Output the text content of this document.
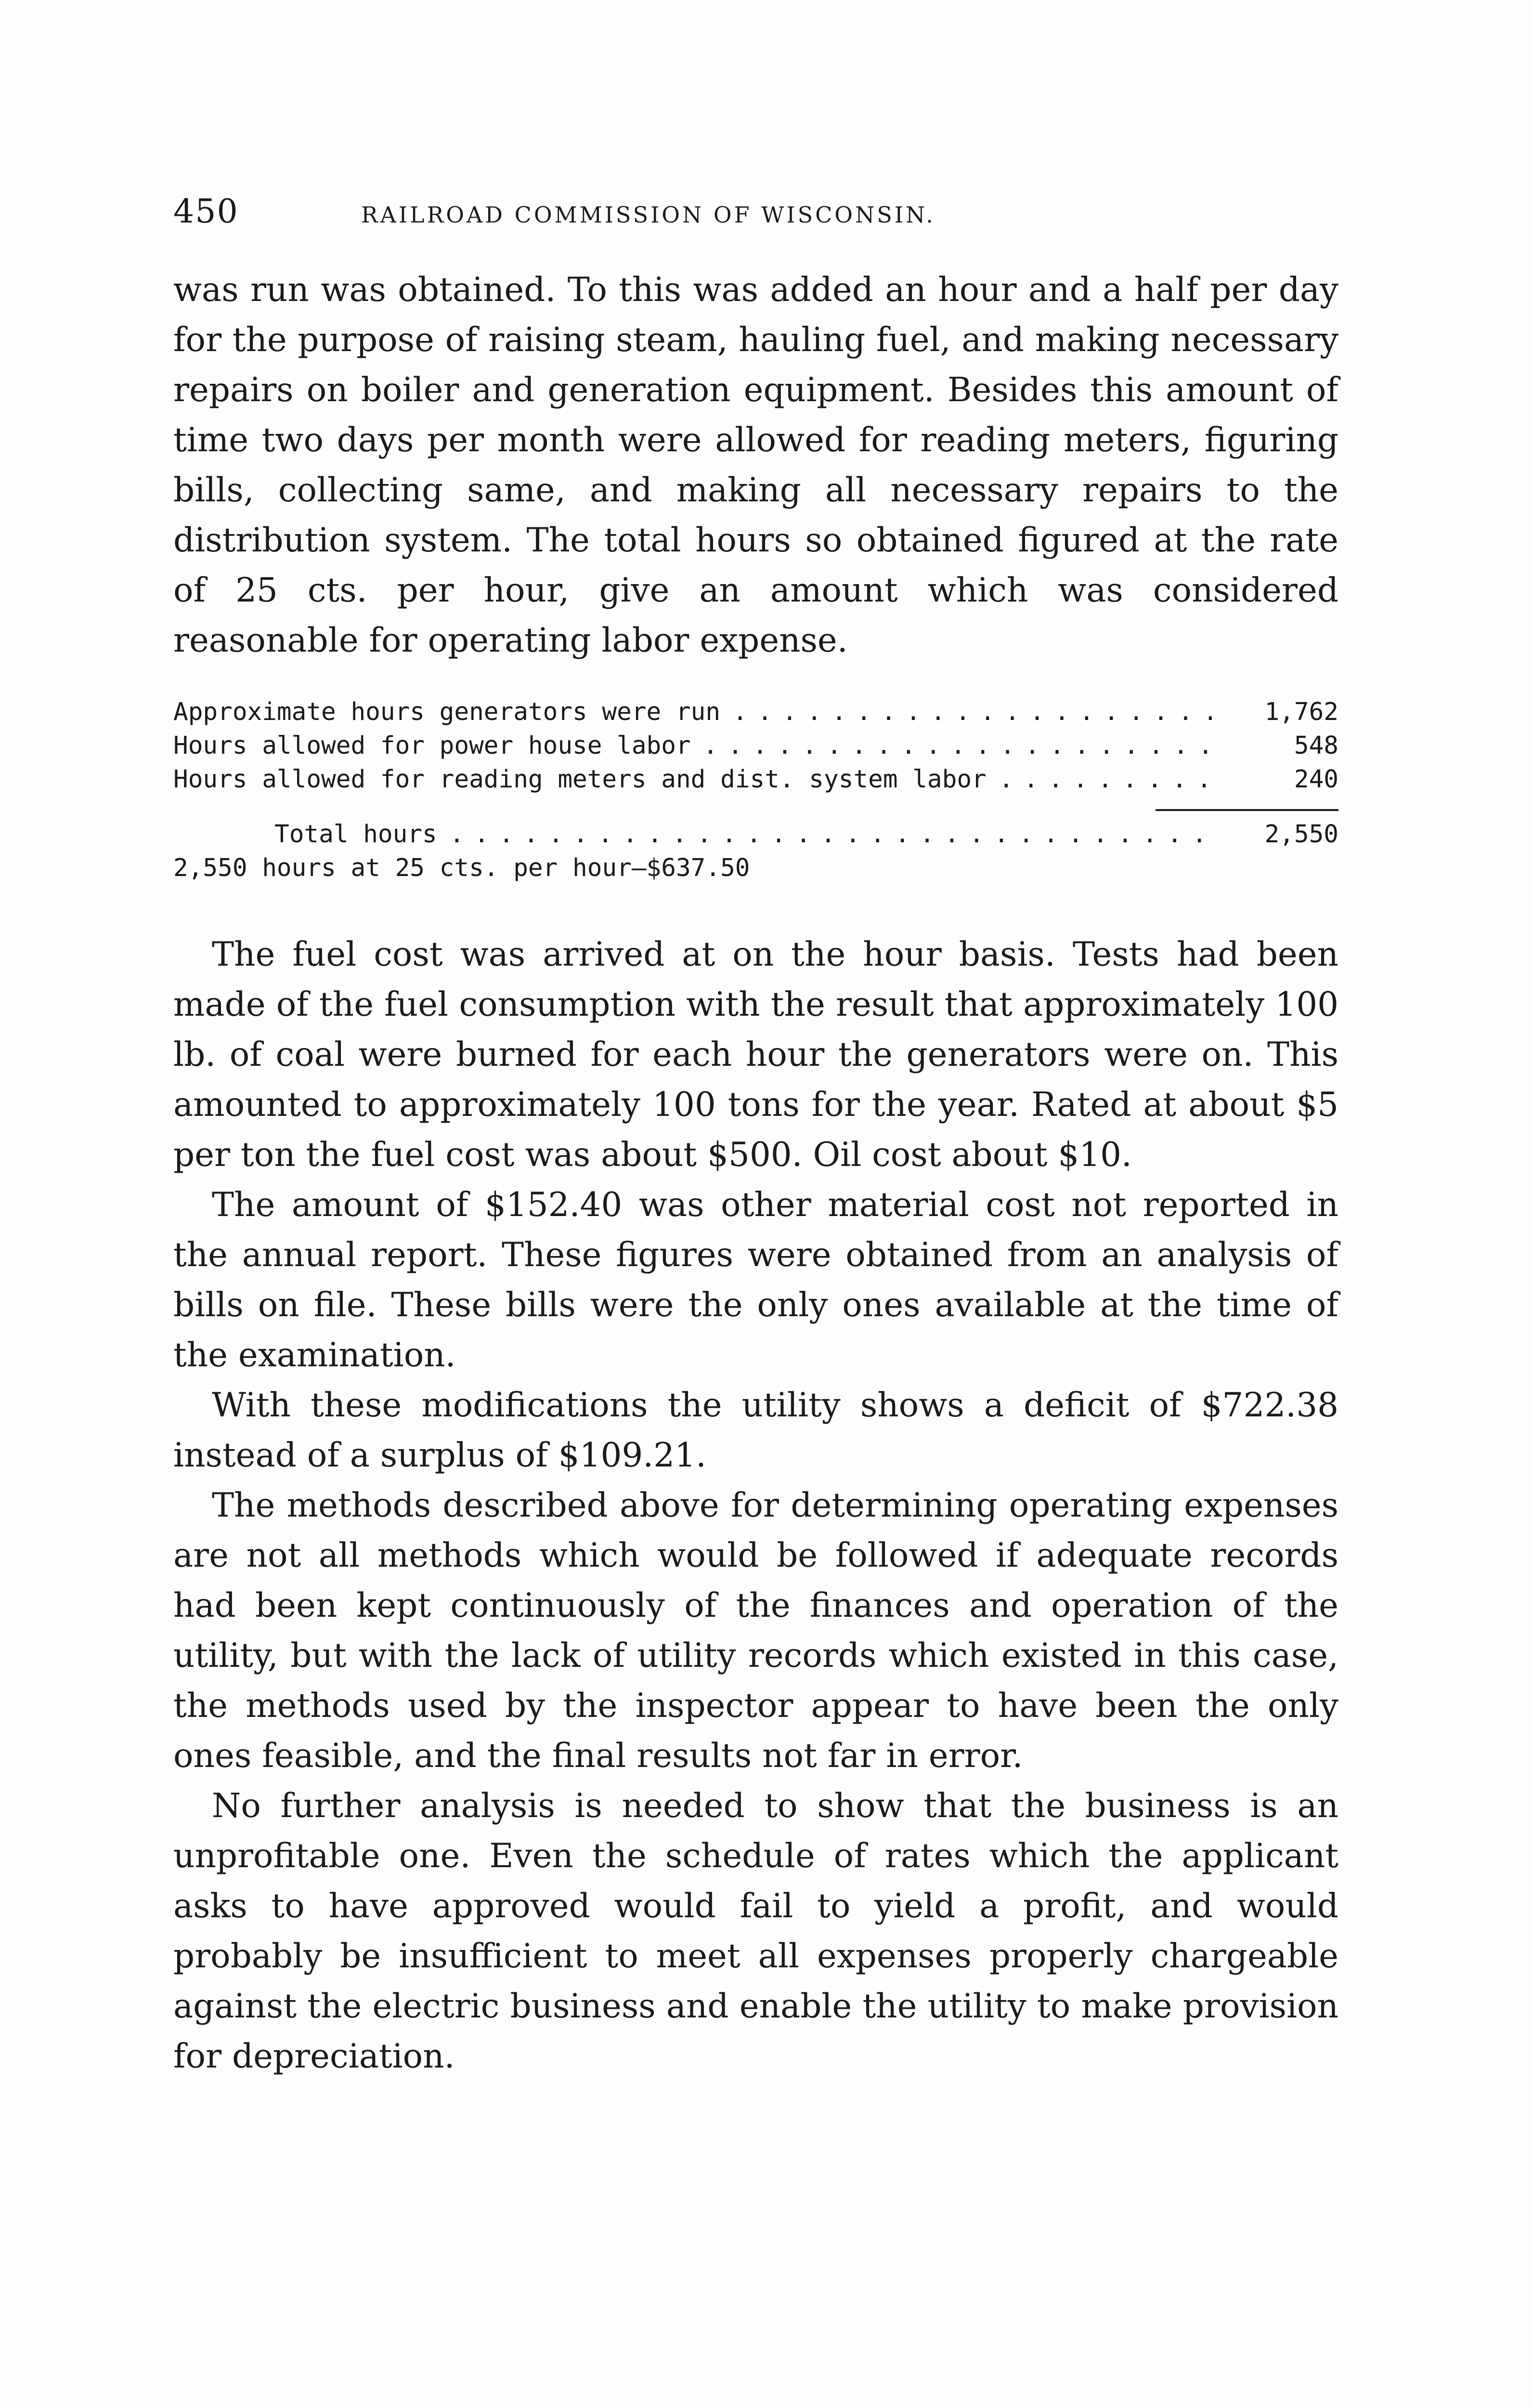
450	RAILROAD COMMISSION OF WISCONSIN.

was run was obtained. To this was added an hour and a half per day for the purpose of raising steam, hauling fuel, and making necessary repairs on boiler and generation equipment. Besides this amount of time two days per month were allowed for reading meters, figuring bills, collecting same, and making all necessary repairs to the distribution system. The total hours so obtained figured at the rate of 25 cts. per hour, give an amount which was considered reasonable for operating labor expense.

Approximate hours generators were run . . .	1,762
Hours allowed for power house labor . . .	548
Hours allowed for reading meters and dist. system labor . . .	240
Total hours . . .	2,550
2,550 hours at 25 cts. per hour—$637.50

The fuel cost was arrived at on the hour basis. Tests had been made of the fuel consumption with the result that approximately 100 lb. of coal were burned for each hour the generators were on. This amounted to approximately 100 tons for the year. Rated at about $5 per ton the fuel cost was about $500. Oil cost about $10.

The amount of $152.40 was other material cost not reported in the annual report. These figures were obtained from an analysis of bills on file. These bills were the only ones available at the time of the examination.

With these modifications the utility shows a deficit of $722.38 instead of a surplus of $109.21.

The methods described above for determining operating expenses are not all methods which would be followed if adequate records had been kept continuously of the finances and operation of the utility, but with the lack of utility records which existed in this case, the methods used by the inspector appear to have been the only ones feasible, and the final results not far in error.

No further analysis is needed to show that the business is an unprofitable one. Even the schedule of rates which the applicant asks to have approved would fail to yield a profit, and would probably be insufficient to meet all expenses properly chargeable against the electric business and enable the utility to make provision for depreciation.
